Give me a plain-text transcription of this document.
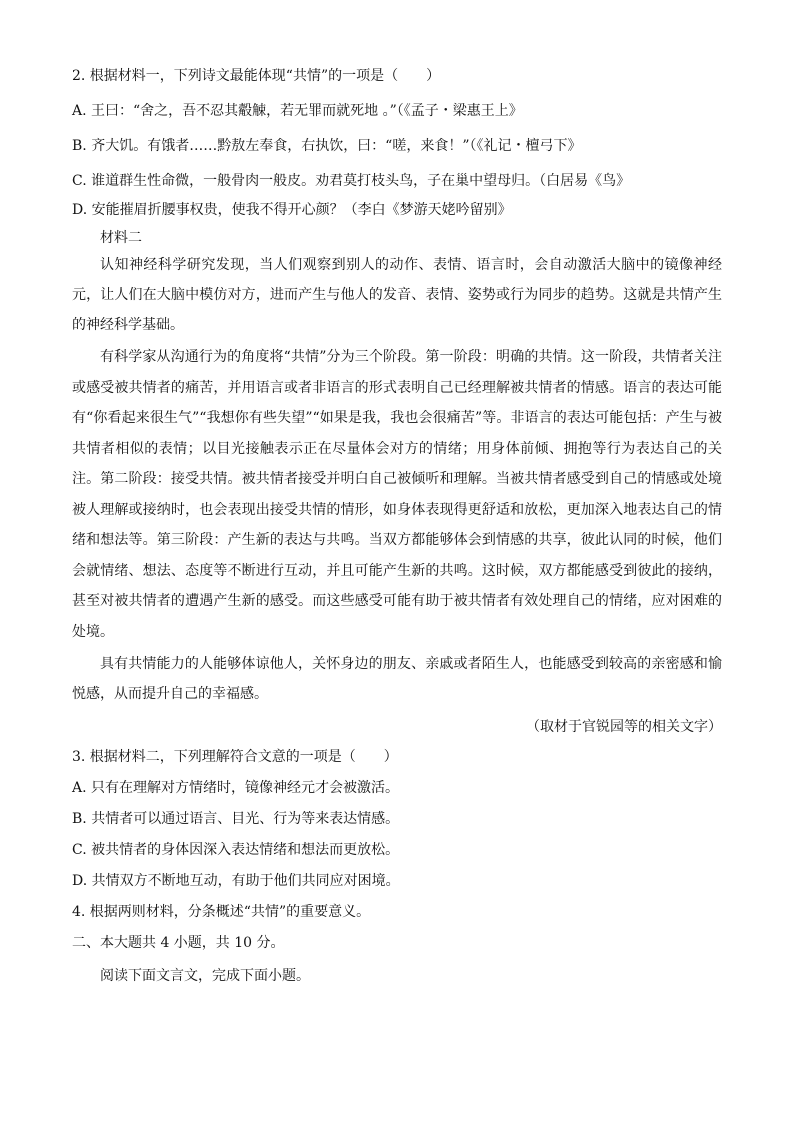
2. 根据材料一，下列诗文最能体现“共情”的一项是（　　）

A. 王曰：“舍之，吾不忍其觳觫，若无罪而就死地 。”（《孟子・梁惠王上》

B. 齐大饥。有饿者……黔敖左奉食，右执饮，曰：“嗟，来食！”（《礼记・檀弓下》

C. 谁道群生性命微，一般骨肉一般皮。劝君莫打枝头鸟，子在巢中望母归。（白居易《鸟》

D. 安能摧眉折腰事权贵，使我不得开心颜？（李白《梦游天姥吟留别》

材料二

认知神经科学研究发现，当人们观察到别人的动作、表情、语言时，会自动激活大脑中的镜像神经元，让人们在大脑中模仿对方，进而产生与他人的发音、表情、姿势或行为同步的趋势。这就是共情产生的神经科学基础。

有科学家从沟通行为的角度将“共情”分为三个阶段。第一阶段：明确的共情。这一阶段，共情者关注或感受被共情者的痛苦，并用语言或者非语言的形式表明自己已经理解被共情者的情感。语言的表达可能有“你看起来很生气”“我想你有些失望”“如果是我，我也会很痛苦”等。非语言的表达可能包括：产生与被共情者相似的表情；以目光接触表示正在尽量体会对方的情绪；用身体前倾、拥抱等行为表达自己的关注。第二阶段：接受共情。被共情者接受并明白自己被倾听和理解。当被共情者感受到自己的情感或处境被人理解或接纳时，也会表现出接受共情的情形，如身体表现得更舒适和放松，更加深入地表达自己的情绪和想法等。第三阶段：产生新的表达与共鸣。当双方都能够体会到情感的共享，彼此认同的时候，他们会就情绪、想法、态度等不断进行互动，并且可能产生新的共鸣。这时候，双方都能感受到彼此的接纳，甚至对被共情者的遭遇产生新的感受。而这些感受可能有助于被共情者有效处理自己的情绪，应对困难的处境。

具有共情能力的人能够体谅他人，关怀身边的朋友、亲戚或者陌生人，也能感受到较高的亲密感和愉悦感，从而提升自己的幸福感。

（取材于官锐园等的相关文字）

3. 根据材料二，下列理解符合文意的一项是（　　）

A. 只有在理解对方情绪时，镜像神经元才会被激活。

B. 共情者可以通过语言、目光、行为等来表达情感。

C. 被共情者的身体因深入表达情绪和想法而更放松。

D. 共情双方不断地互动，有助于他们共同应对困境。

4. 根据两则材料，分条概述“共情”的重要意义。

二、本大题共 4 小题，共 10 分。

阅读下面文言文，完成下面小题。
